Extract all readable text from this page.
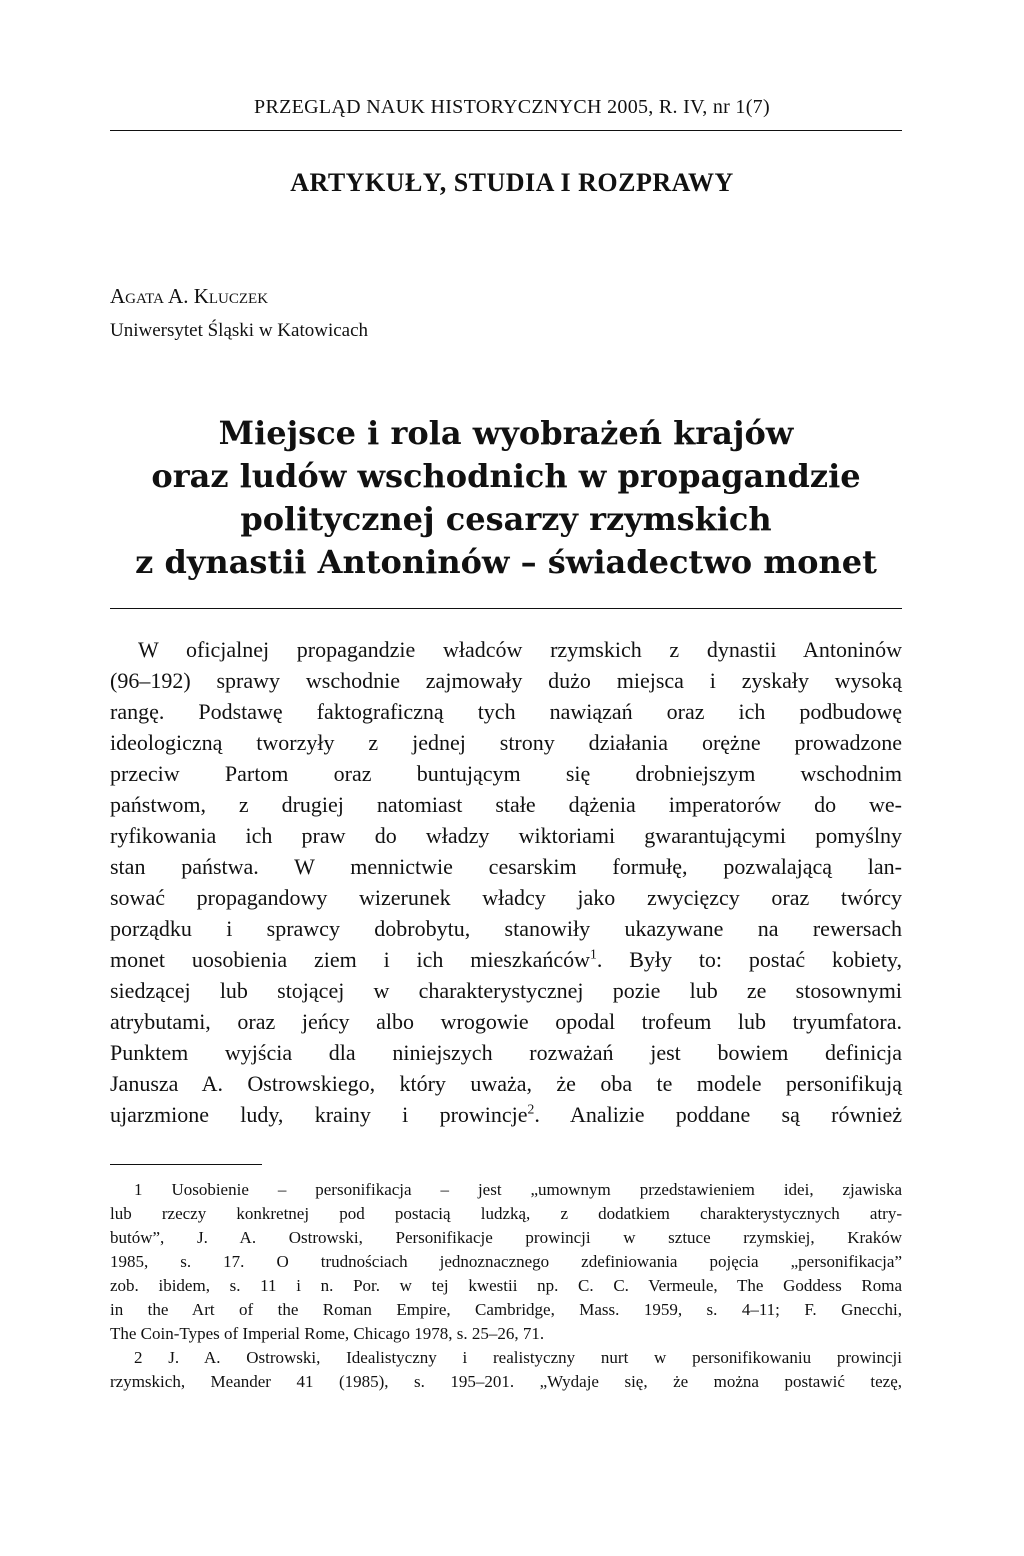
PRZEGLĄD NAUK HISTORYCZNYCH 2005, R. IV, nr 1(7)
ARTYKUŁY, STUDIA I ROZPRAWY
Agata A. Kluczek
Uniwersytet Śląski w Katowicach
Miejsce i rola wyobrażeń krajów
oraz ludów wschodnich w propagandzie
politycznej cesarzy rzymskich
z dynastii Antoninów – świadectwo monet
W oficjalnej propagandzie władców rzymskich z dynastii Antoninów
(96–192) sprawy wschodnie zajmowały dużo miejsca i zyskały wysoką
rangę. Podstawę faktograficzną tych nawiązań oraz ich podbudowę
ideologiczną tworzyły z jednej strony działania orężne prowadzone
przeciw Partom oraz buntującym się drobniejszym wschodnim
państwom, z drugiej natomiast stałe dążenia imperatorów do we-
ryfikowania ich praw do władzy wiktoriami gwarantującymi pomyślny
stan państwa. W mennictwie cesarskim formułę, pozwalającą lan-
sować propagandowy wizerunek władcy jako zwycięzcy oraz twórcy
porządku i sprawcy dobrobytu, stanowiły ukazywane na rewersach
monet uosobienia ziem i ich mieszkańców$^1$. Były to: postać kobiety,
siedzącej lub stojącej w charakterystycznej pozie lub ze stosownymi
atrybutami, oraz jeńcy albo wrogowie opodal trofeum lub tryumfatora.
Punktem wyjścia dla niniejszych rozważań jest bowiem definicja
Janusza A. Ostrowskiego, który uważa, że oba te modele personifikują
ujarzmione ludy, krainy i prowincje$^2$. Analizie poddane są również
1 Uosobienie – personifikacja – jest „umownym przedstawieniem idei, zjawiska
lub rzeczy konkretnej pod postacią ludzką, z dodatkiem charakterystycznych atry-
butów”, J. A. Ostrowski, Personifikacje prowincji w sztuce rzymskiej, Kraków
1985, s. 17. O trudnościach jednoznacznego zdefiniowania pojęcia „personifikacja”
zob. ibidem, s. 11 i n. Por. w tej kwestii np. C. C. Vermeule, The Goddess Roma
in the Art of the Roman Empire, Cambridge, Mass. 1959, s. 4–11; F. Gnecchi,
The Coin-Types of Imperial Rome, Chicago 1978, s. 25–26, 71.
2 J. A. Ostrowski, Idealistyczny i realistyczny nurt w personifikowaniu prowincji
rzymskich, Meander 41 (1985), s. 195–201. „Wydaje się, że można postawić tezę,
